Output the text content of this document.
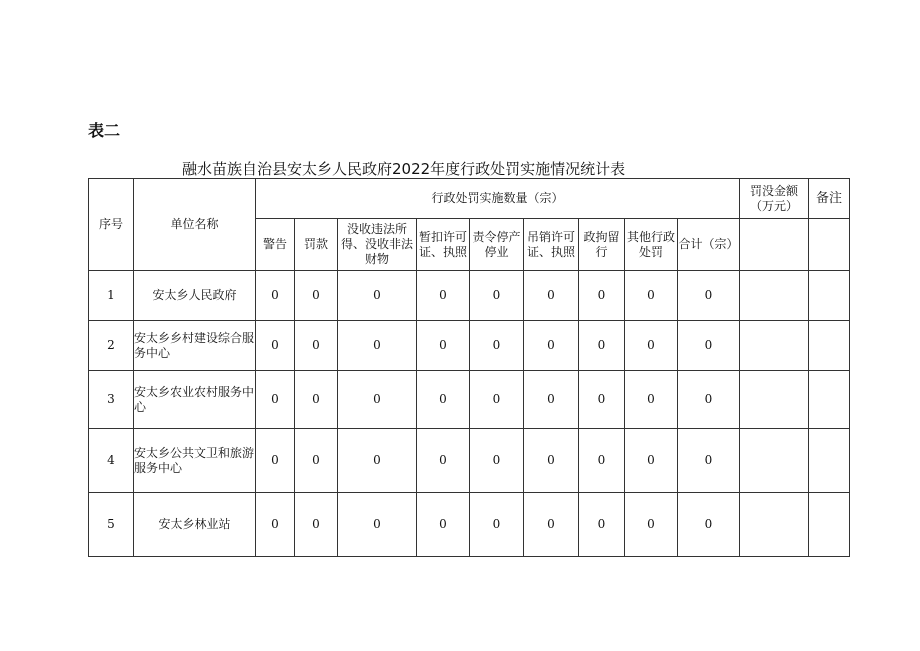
表二
融水苗族自治县安太乡人民政府2022年度行政处罚实施情况统计表
序号	单位名称	行政处罚实施数量（宗）									罚没金额（万元）	备注
		警告	罚款	没收违法所得、没收非法财物	暂扣许可证、执照	责令停产停业	吊销许可证、执照	政拘留行	其他行政处罚	合计（宗）		
1	安太乡人民政府	0	0	0	0	0	0	0	0	0		
2	安太乡乡村建设综合服务中心	0	0	0	0	0	0	0	0	0		
3	安太乡农业农村服务中心	0	0	0	0	0	0	0	0	0		
4	安太乡公共文卫和旅游服务中心	0	0	0	0	0	0	0	0	0		
5	安太乡林业站	0	0	0	0	0	0	0	0	0		
